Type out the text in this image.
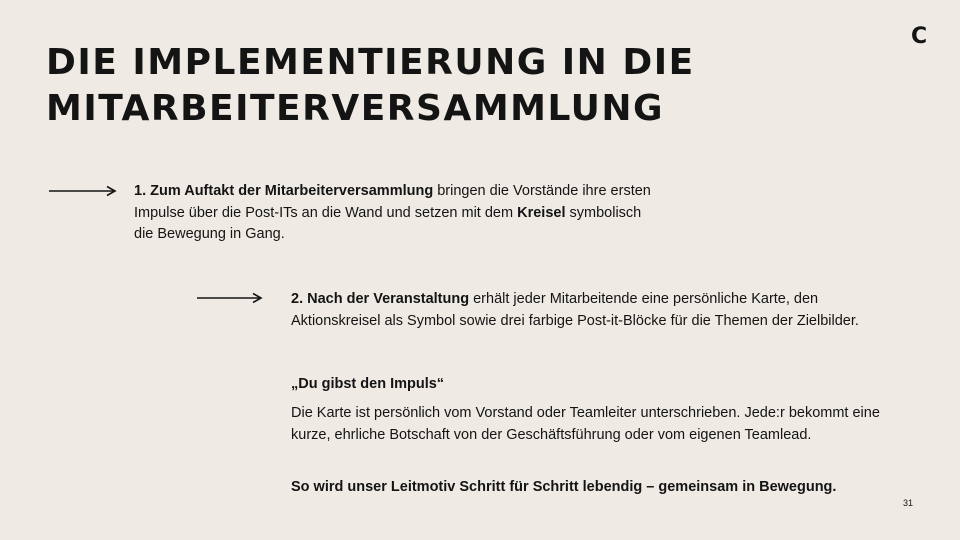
DIE IMPLEMENTIERUNG IN DIE
MITARBEITERVERSAMMLUNG
C

1. Zum Auftakt der Mitarbeiterversammlung bringen die Vorstände ihre ersten Impulse über die Post-ITs an die Wand und setzen mit dem Kreisel symbolisch die Bewegung in Gang.

2. Nach der Veranstaltung erhält jeder Mitarbeitende eine persönliche Karte, den Aktionskreisel als Symbol sowie drei farbige Post-it-Blöcke für die Themen der Zielbilder.

„Du gibst den Impuls“

Die Karte ist persönlich vom Vorstand oder Teamleiter unterschrieben. Jede:r bekommt eine kurze, ehrliche Botschaft von der Geschäftsführung oder vom eigenen Teamlead.

So wird unser Leitmotiv Schritt für Schritt lebendig – gemeinsam in Bewegung.
31
